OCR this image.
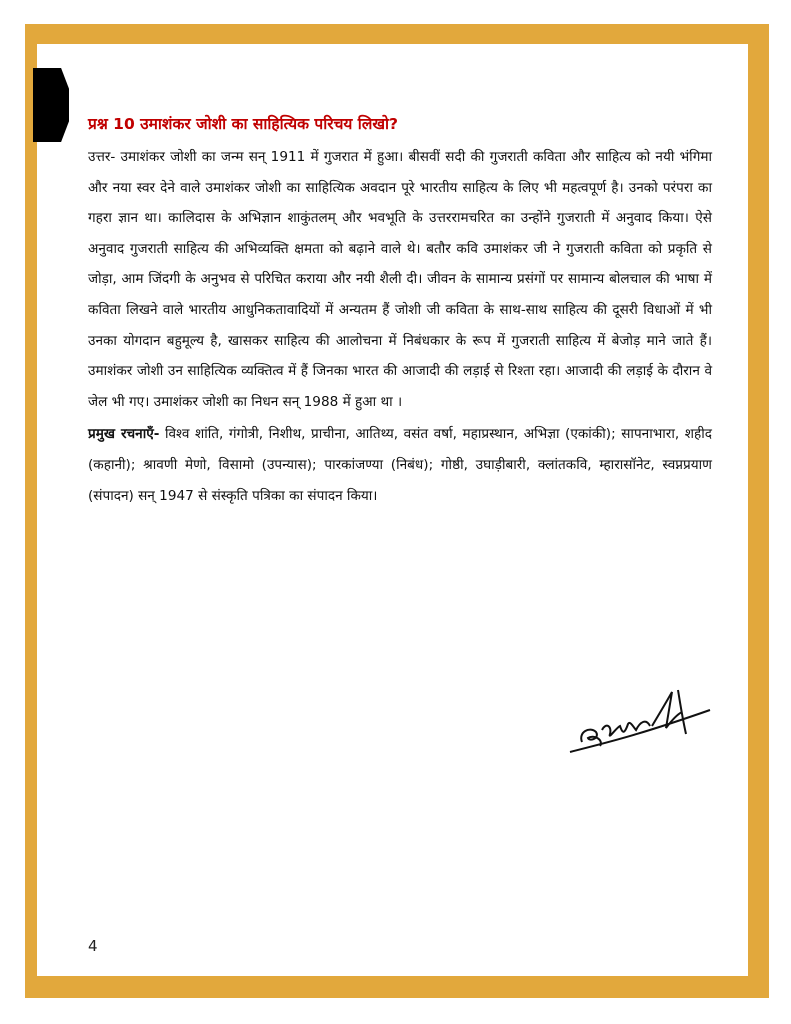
प्रश्न 10 उमाशंकर जोशी का साहित्यिक परिचय लिखो?

उत्तर- उमाशंकर जोशी का जन्म सन् 1911 में गुजरात में हुआ। बीसवीं सदी की गुजराती कविता और साहित्य को नयी भंगिमा और नया स्वर देने वाले उमाशंकर जोशी का साहित्यिक अवदान पूरे भारतीय साहित्य के लिए भी महत्वपूर्ण है। उनको परंपरा का गहरा ज्ञान था। कालिदास के अभिज्ञान शाकुंतलम् और भवभूति के उत्तररामचरित का उन्होंने गुजराती में अनुवाद किया। ऐसे अनुवाद गुजराती साहित्य की अभिव्यक्ति क्षमता को बढ़ाने वाले थे। बतौर कवि उमाशंकर जी ने गुजराती कविता को प्रकृति से जोड़ा, आम जिंदगी के अनुभव से परिचित कराया और नयी शैली दी। जीवन के सामान्य प्रसंगों पर सामान्य बोलचाल की भाषा में कविता लिखने वाले भारतीय आधुनिकतावादियों में अन्यतम हैं जोशी जी कविता के साथ-साथ साहित्य की दूसरी विधाओं में भी उनका योगदान बहुमूल्य है, खासकर साहित्य की आलोचना में निबंधकार के रूप में गुजराती साहित्य में बेजोड़ माने जाते हैं। उमाशंकर जोशी उन साहित्यिक व्यक्तित्व में हैं जिनका भारत की आजादी की लड़ाई से रिश्ता रहा। आजादी की लड़ाई के दौरान वे जेल भी गए। उमाशंकर जोशी का निधन सन् 1988 में हुआ था ।

प्रमुख रचनाएँ- विश्व शांति, गंगोत्री, निशीथ, प्राचीना, आतिथ्य, वसंत वर्षा, महाप्रस्थान, अभिज्ञा (एकांकी); सापनाभारा, शहीद (कहानी); श्रावणी मेणो, विसामो (उपन्यास); पारकांजण्या (निबंध); गोष्ठी, उघाड़ीबारी, क्लांतकवि, म्हारासॉनेट, स्वप्नप्रयाण (संपादन) सन् 1947 से संस्कृति पत्रिका का संपादन किया।

4
